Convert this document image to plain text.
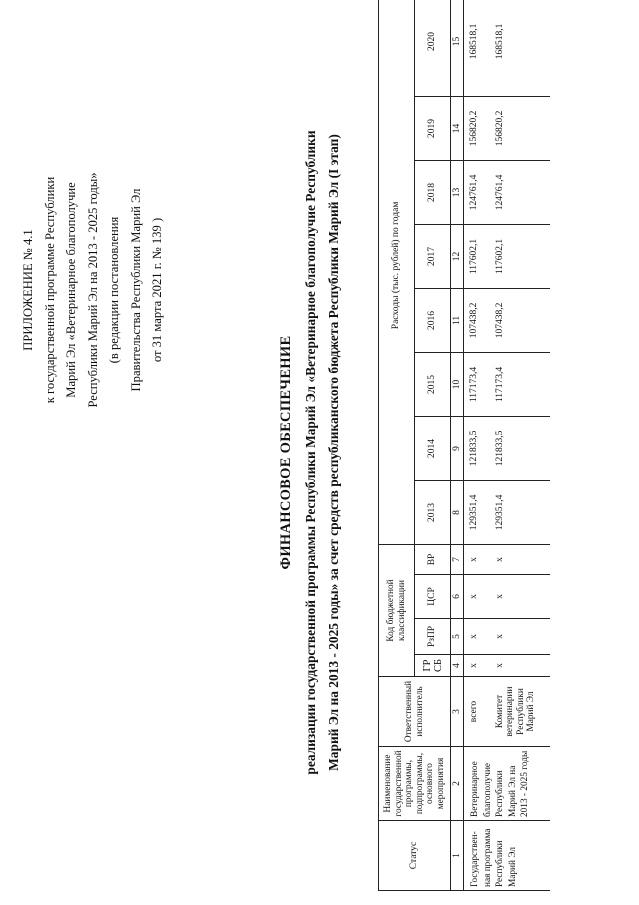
ПРИЛОЖЕНИЕ № 4.1 к государственной программе Республики Марий Эл «Ветеринарное благополучие Республики Марий Эл на 2013 - 2025 годы» (в редакции постановления Правительства Республики Марий Эл от 31 марта 2021 г. № 139 )
ФИНАНСОВОЕ ОБЕСПЕЧЕНИЕ реализации государственной программы Республики Марий Эл «Ветеринарное благополучие Республики Марий Эл на 2013 - 2025 годы» за счет средств республиканского бюджета Республики Марий Эл (I этап)
Статус	Наименование государственной программы, подпрограммы, основного мероприятия	Ответственный исполнитель	Код бюджетной классификации				Расходы (тыс. рублей) по годам							
			ГР СБ	РзПР	ЦСР	ВР	2013	2014	2015	2016	2017	2018	2019	2020
1	2	3	4	5	6	7	8	9	10	11	12	13	14	15
Государствен-ная программа Республики Марий Эл	Ветеринарное благополучие Республики Марий Эл на 2013 - 2025 годы	всего	x	x	x	x	129351,4	121833,5	117173,4	107438,2	117602,1	124761,4	156820,2	168518,1
		Комитет ветеринарии Республики Марий Эл	x	x	x	x	129351,4	121833,5	117173,4	107438,2	117602,1	124761,4	156820,2	168518,1
